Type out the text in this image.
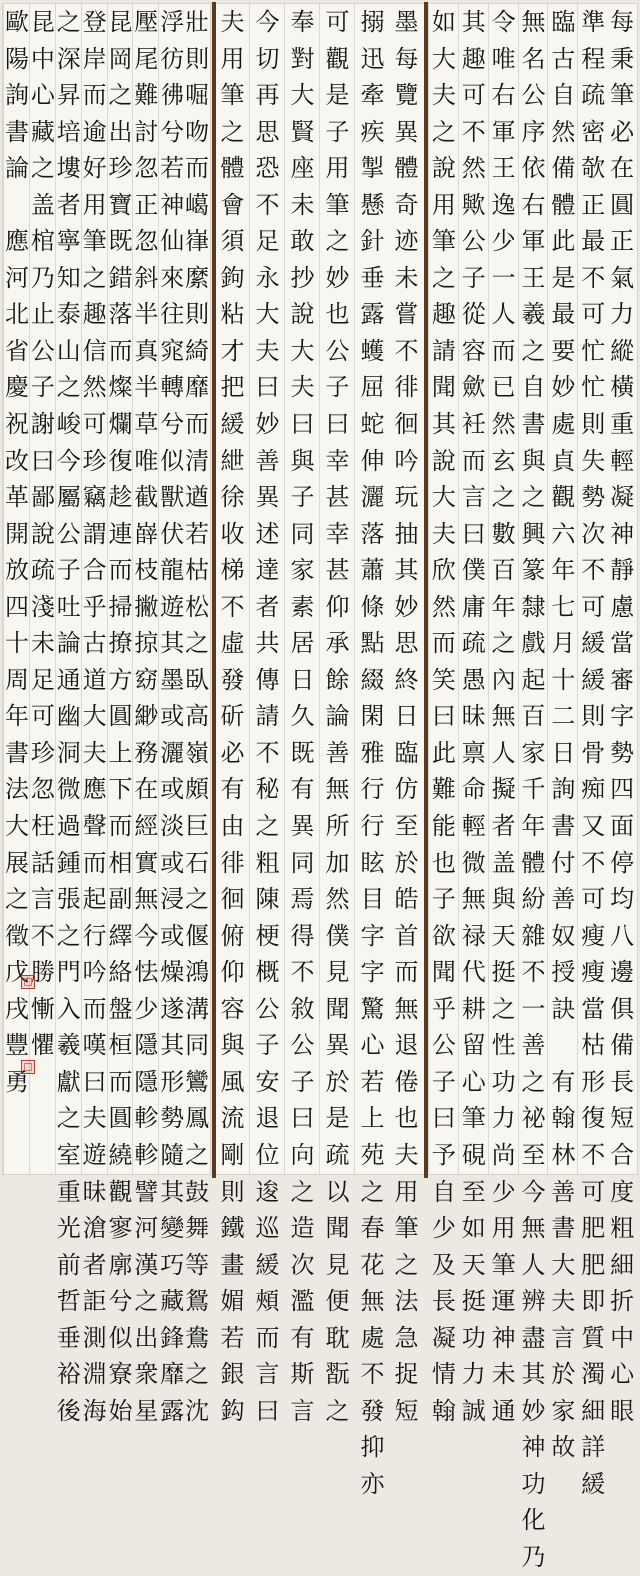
每
秉
筆
必
在
圓
正
氣
力
縱
橫
重
輕
凝
神
靜
慮
當
審
字
勢
四
面
停
均
八
邊
俱
備
長
短
合
度
粗
細
折
中
心
眼
準
程
疏
密
欹
正
最
不
可
忙
忙
則
失
勢
次
不
可
緩
緩
則
骨
痴
又
不
可
瘦
瘦
當
枯
形
復
不
可
肥
肥
即
質
濁
細
詳
緩
臨
古
自
然
備
體
此
是
最
要
妙
處
貞
觀
六
年
七
月
十
二
日
詢
書
付
善
奴
授
訣

有
翰
林
善
書
大
夫
言
於
家
故
無
名
公
序
依
右
軍
王
羲
之
自
書
與
之
興
篆
隸
戲
起
百
家
千
年
體
紛
雜
不
一
善
之
祕
至
今
無
人
辨
盡
其
妙
神
功
化
乃
令
唯
右
軍
王
逸
少
一
人
而
已
然
玄
之
數
百
年
之
內
無
人
擬
者
盖
與
天
挺
之
性
功
力
尚
少
用
筆
運
神
未
通
其
趣
可
不
然
歟
公
子
從
容
歛
衽
而
言
曰
僕
庸
疏
愚
昧
禀
命
輕
微
無
禄
代
耕
留
心
筆
硯
至
如
天
挺
功
力
誠
如
大
夫
之
說
用
筆
之
趣
請
聞
其
說
大
夫
欣
然
而
笑
曰
此
難
能
也
子
欲
聞
乎
公
子
曰
予
自
少
及
長
凝
情
翰
墨
每
覽
異
體
奇
迹
未
嘗
不
徘
徊
吟
玩
抽
其
妙
思
終
日
臨
仿
至
於
皓
首
而
無
退
倦
也
夫
用
筆
之
法
急
捉
短
搦
迅
牽
疾
掣
懸
針
垂
露
蠖
屈
蛇
伸
灑
落
蕭
條
點
綴
閑
雅
行
行
眩
目
字
字
驚
心
若
上
苑
之
春
花
無
處
不
發
抑
亦
可
觀
是
子
用
筆
之
妙
也
公
子
曰
幸
甚
幸
甚
仰
承
餘
論
善
無
所
加
然
僕
見
聞
異
於
是
疏
以
聞
見
便
耽
翫
之
奉
對
大
賢
座
未
敢
抄
說
大
夫
曰
與
子
同
家
素
居
日
久
既
有
異
同
焉
得
不
敘
公
子
曰
向
之
造
次
濫
有
斯
言
今
切
再
思
恐
不
足
永
大
夫
曰
妙
善
異
述
達
者
共
傳
請
不
秘
之
粗
陳
梗
概
公
子
安
退
位
逡
巡
緩
頰
而
言
曰
夫
用
筆
之
體
會
須
鉤
粘
才
把
緩
紲
徐
收
梯
不
虛
發
斫
必
有
由
徘
徊
俯
仰
容
與
風
流
剛
則
鐵
畫
媚
若
銀
鈎
壯
則
啒
吻
而
嶱
嵂
縻
則
綺
靡
而
清
遒
若
枯
松
之
臥
高
嶺
頗
巨
石
之
偃
鴻
溝
同
鸞
鳳
之
鼓
舞
等
鴛
鴦
之
沈
浮
彷
彿
兮
若
神
仙
來
往
窕
轉
兮
似
獸
伏
龍
遊
其
墨
或
灑
或
淡
或
浸
或
燥
遂
其
形
勢
隨
其
變
巧
藏
鋒
靡
露
壓
尾
難
討
忽
正
忽
斜
半
真
半
草
唯
截
嶭
枝
撇
掠
窈
緲
務
在
經
實
無
今
怯
少
隱
隱
軫
軫
譬
河
漢
之
出
衆
星
昆
岡
之
出
珍
寶
既
錯
落
而
燦
爛
復
趁
連
而
掃
撩
方
圓
上
下
而
相
副
繹
絡
盤
桓
而
圓
繞
觀
寥
廓
兮
似
寮
始
登
岸
而
逾
好
用
筆
之
趣
信
然
可
珍
竊
謂
合
乎
古
道
大
夫
應
聲
而
起
行
吟
而
嘆
曰
夫
遊
昧
滄
者
詎
測
淵
海
之
深
昇
培
塿
者
寧
知
泰
山
之
峻
今
屬
公
子
吐
論
通
幽
洞
微
過
鍾
張
之
門
入
羲
獻
之
室
重
光
前
哲
垂
裕
後
昆
中
心
藏
之
盖
棺
乃
止
公
子
謝
曰
鄙
說
疏
淺
未
足
可
珍
忽
枉
話
言
不
勝
慚
懼
歐
陽
詢
書
論

應
河
北
省
慶
祝
改
革
開
放
四
十
周
年
書
法
大
展
之
徵
戊
戌
豐
勇
